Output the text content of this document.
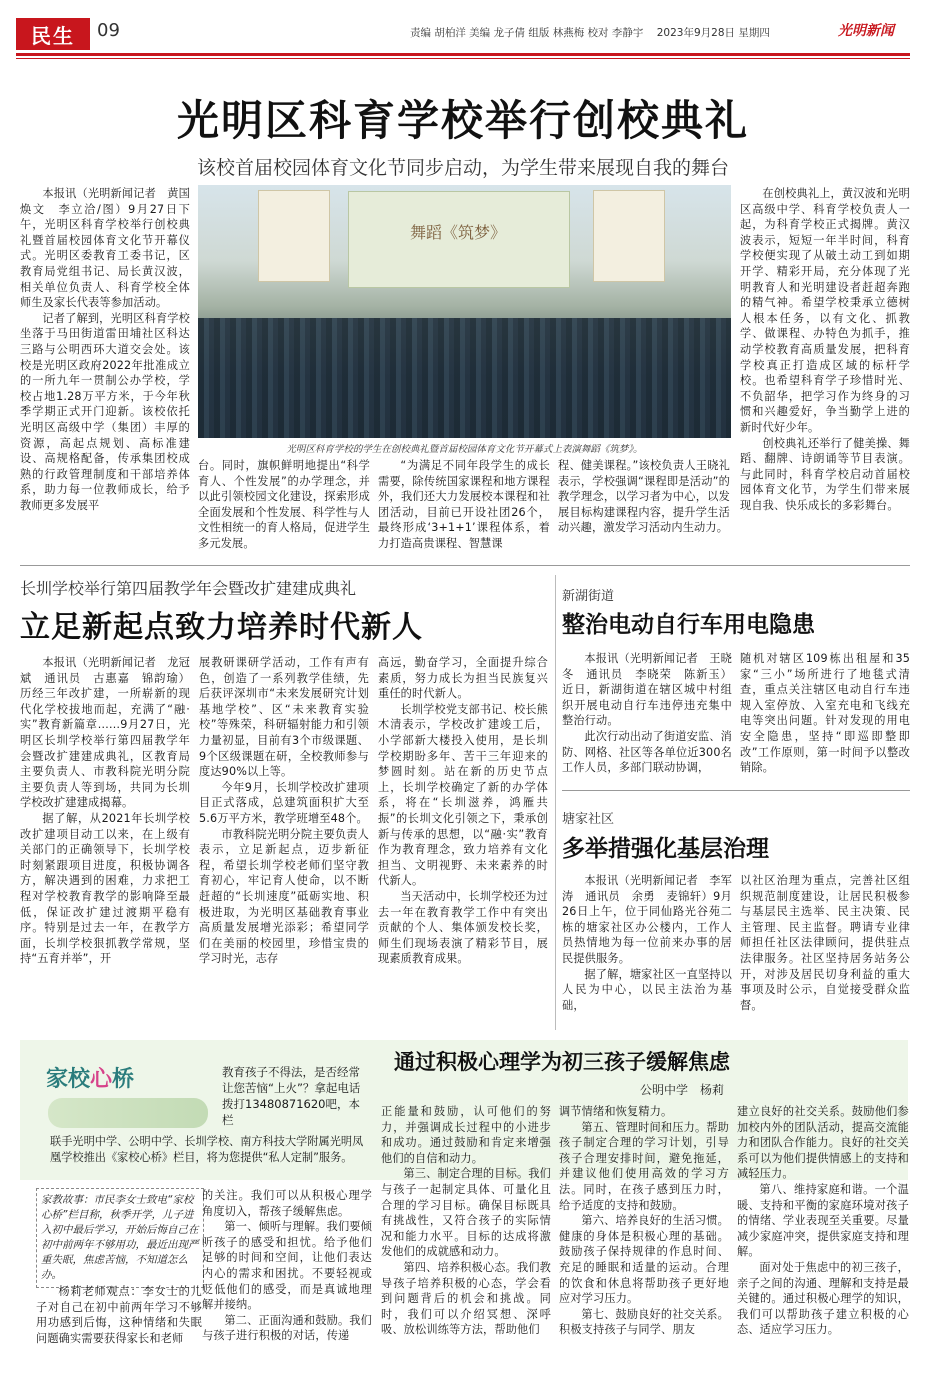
民生	09	责编 胡柏洋 美编 龙子倩 组版 林燕梅 校对 李静宇 2023年9月28日 星期四	光明新闻
光明区科育学校举行创校典礼
该校首届校园体育文化节同步启动，为学生带来展现自我的舞台

本报讯（光明新闻记者　黄国焕文　李立洽/图）9月27日下午，光明区科育学校举行创校典礼暨首届校园体育文化节开幕仪式。光明区委教育工委书记，区教育局党组书记、局长黄汉波，相关单位负责人、科育学校全体师生及家长代表等参加活动。

记者了解到，光明区科育学校坐落于马田街道雷田埔社区科达三路与公明西环大道交会处。该校是光明区政府2022年批准成立的一所九年一贯制公办学校，学校占地1.28万平方米，于今年秋季学期正式开门迎新。该校依托光明区高级中学（集团）丰厚的资源，高起点规划、高标准建设、高规格配备，传承集团校成熟的行政管理制度和干部培养体系，助力每一位教师成长，给予教师更多发展平

舞蹈《筑梦》
光明区科育学校的学生在创校典礼暨首届校园体育文化节开幕式上表演舞蹈《筑梦》。

台。同时，旗帜鲜明地提出“科学育人、个性发展”的办学理念，并以此引领校园文化建设，探索形成全面发展和个性发展、科学性与人文性相统一的育人格局，促进学生多元发展。

“为满足不同年段学生的成长需要，除传统国家课程和地方课程外，我们还大力发展校本课程和社团活动，目前已开设社团26个，最终形成‘3+1+1’课程体系，着力打造高贵课程、智慧课

程、健美课程。”该校负责人王晓礼表示，学校强调“课程即是活动”的教学理念，以学习者为中心，以发展目标构建课程内容，提升学生活动兴趣，激发学习活动内生动力。

在创校典礼上，黄汉波和光明区高级中学、科育学校负责人一起，为科育学校正式揭牌。黄汉波表示，短短一年半时间，科育学校便实现了从破土动工到如期开学、精彩开局，充分体现了光明教育人和光明建设者赶超奔跑的精气神。希望学校秉承立德树人根本任务，以有文化、抓教学、做课程、办特色为抓手，推动学校教育高质量发展，把科育学校真正打造成区域的标杆学校。也希望科育学子珍惜时光、不负韶华，把学习作为终身的习惯和兴趣爱好，争当勤学上进的新时代好少年。

创校典礼还举行了健美操、舞蹈、翻牌、诗朗诵等节目表演。与此同时，科育学校启动首届校园体育文化节，为学生们带来展现自我、快乐成长的多彩舞台。

长圳学校举行第四届教学年会暨改扩建建成典礼
立足新起点致力培养时代新人

本报讯（光明新闻记者　龙冠斌　通讯员　古惠嘉　锦韵瑜）历经三年改扩建，一所崭新的现代化学校拔地而起，充满了“融·实”教育新篇章……9月27日，光明区长圳学校举行第四届教学年会暨改扩建建成典礼，区教育局主要负责人、市教科院光明分院主要负责人等到场，共同为长圳学校改扩建建成揭幕。

据了解，从2021年长圳学校改扩建项目动工以来，在上级有关部门的正确领导下，长圳学校时刻紧跟项目进度，积极协调各方，解决遇到的困难，力求把工程对学校教育教学的影响降至最低，保证改扩建过渡期平稳有序。特别是过去一年，在教学方面，长圳学校狠抓教学常规，坚持“五育并举”，开

展教研课研学活动，工作有声有色，创造了一系列教学佳绩，先后获评深圳市“未来发展研究计划基地学校”、区“未来教育实验校”等殊荣，科研辐射能力和引领力量初显，目前有3个市级课题、9个区级课题在研，全校教师参与度达90%以上等。

今年9月，长圳学校改扩建项目正式落成，总建筑面积扩大至5.6万平方米，教学班增至48个。

市教科院光明分院主要负责人表示，立足新起点，迈步新征程，希望长圳学校老师们坚守教育初心，牢记育人使命，以不断赶超的“长圳速度”砥砺实地、积极进取，为光明区基础教育事业高质量发展增光添彩；希望同学们在美丽的校园里，珍惜宝贵的学习时光，志存

高远，勤奋学习，全面提升综合素质，努力成长为担当民族复兴重任的时代新人。

长圳学校党支部书记、校长熊木清表示，学校改扩建竣工后，小学部新大楼投入使用，是长圳学校期盼多年、苦干三年迎来的梦圆时刻。站在新的历史节点上，长圳学校确定了新的办学体系，将在“长圳滋养，鸿雁共振”的长圳文化引领之下，秉承创新与传承的思想，以“融·实”教育作为教育理念，致力培养有文化担当、文明视野、未来素养的时代新人。

当天活动中，长圳学校还为过去一年在教育教学工作中有突出贡献的个人、集体颁发校长奖，师生们现场表演了精彩节目，展现素质教育成果。

新湖街道
整治电动自行车用电隐患

本报讯（光明新闻记者　王晓冬　通讯员　李晓荣　陈新玉）近日，新湖街道在辖区城中村组织开展电动自行车违停违充集中整治行动。

此次行动出动了街道安监、消防、网格、社区等各单位近300名工作人员，多部门联动协调，

随机对辖区109栋出租屋和35家“三小”场所进行了地毯式清查，重点关注辖区电动自行车违规入室停放、入室充电和飞线充电等突出问题。针对发现的用电安全隐患，坚持“即巡即整即改”工作原则，第一时间予以整改销除。

塘家社区
多举措强化基层治理

本报讯（光明新闻记者　李军涛　通讯员　余勇　麦锦轩）9月26日上午，位于同仙路光谷苑二栋的塘家社区办公楼内，工作人员热情地为每一位前来办事的居民提供服务。

据了解，塘家社区一直坚持以人民为中心，以民主法治为基础，

以社区治理为重点，完善社区组织规范制度建设，让居民积极参与基层民主选举、民主决策、民主管理、民主监督。聘请专业律师担任社区法律顾问，提供驻点法律服务。社区坚持居务站务公开，对涉及居民切身利益的重大事项及时公示，自觉接受群众监督。

家校心桥	教育孩子不得法，是否经常让您苦恼“上火”？拿起电话拨打13480871620吧，本栏
联手光明中学、公明中学、长圳学校、南方科技大学附属光明凤凰学校推出《家校心桥》栏目，将为您提供“私人定制”服务。
通过积极心理学为初三孩子缓解焦虑
公明中学　杨莉
家教故事：市民李女士致电“家校心桥”栏目称，秋季开学，儿子进入初中最后学习，开始后悔自己在初中前两年不够用功，最近出现严重失眠，焦虑苦恼，不知道怎么办。

杨莉老师观点：李女士的儿子对自己在初中前两年学习不够用功感到后悔，这种情绪和失眠问题确实需要获得家长和老师

的关注。我们可以从积极心理学角度切入，帮孩子缓解焦虑。

第一、倾听与理解。我们要倾听孩子的感受和担忧。给予他们足够的时间和空间，让他们表达内心的需求和困扰。不要轻视或贬低他们的感受，而是真诚地理解并接纳。

第二、正面沟通和鼓励。我们与孩子进行积极的对话，传递

正能量和鼓励，认可他们的努力，并强调成长过程中的小进步和成功。通过鼓励和肯定来增强他们的自信和动力。

第三、制定合理的目标。我们与孩子一起制定具体、可量化且合理的学习目标。确保目标既具有挑战性，又符合孩子的实际情况和能力水平。目标的达成将激发他们的成就感和动力。

第四、培养积极心态。我们教导孩子培养积极的心态，学会看到问题背后的机会和挑战。同时，我们可以介绍冥想、深呼吸、放松训练等方法，帮助他们

调节情绪和恢复精力。

第五、管理时间和压力。帮助孩子制定合理的学习计划，引导孩子合理安排时间，避免拖延，并建议他们使用高效的学习方法。同时，在孩子感到压力时，给予适度的支持和鼓励。

第六、培养良好的生活习惯。健康的身体是积极心理的基础。鼓励孩子保持规律的作息时间、充足的睡眠和适量的运动。合理的饮食和休息将帮助孩子更好地应对学习压力。

第七、鼓励良好的社交关系。积极支持孩子与同学、朋友

建立良好的社交关系。鼓励他们参加校内外的团队活动，提高交流能力和团队合作能力。良好的社交关系可以为他们提供情感上的支持和减轻压力。

第八、维持家庭和谐。一个温暖、支持和平衡的家庭环境对孩子的情绪、学业表现至关重要。尽量减少家庭冲突，提供家庭支持和理解。

面对处于焦虑中的初三孩子，亲子之间的沟通、理解和支持是最关键的。通过积极心理学的知识，我们可以帮助孩子建立积极的心态、适应学习压力。
